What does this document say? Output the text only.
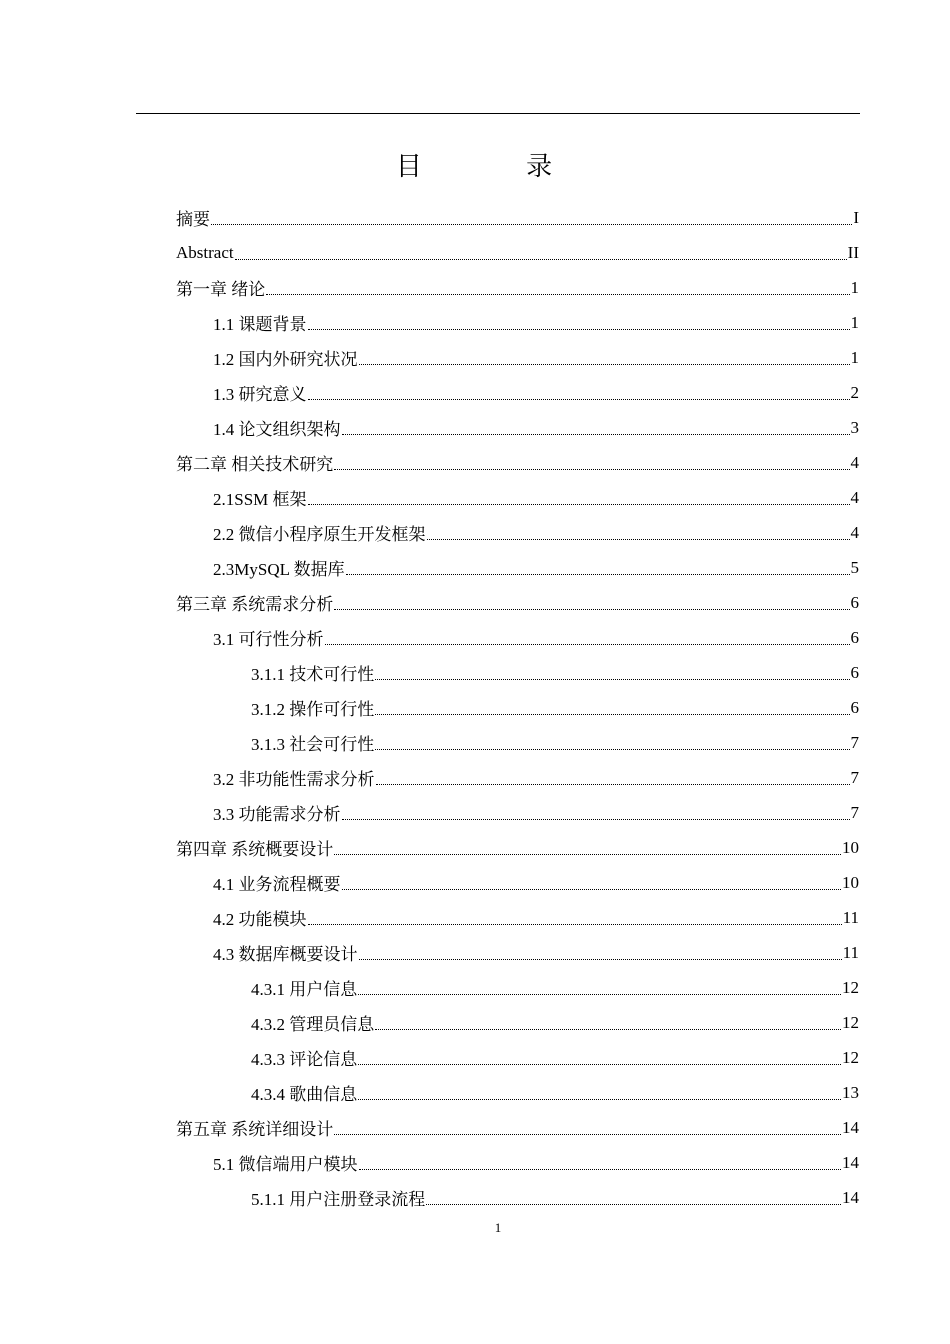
目 录
摘要	I
Abstract	II
第一章 绪论	1
1.1 课题背景	1
1.2 国内外研究状况	1
1.3 研究意义	2
1.4 论文组织架构	3
第二章 相关技术研究	4
2.1SSM 框架	4
2.2 微信小程序原生开发框架	4
2.3MySQL 数据库	5
第三章 系统需求分析	6
3.1 可行性分析	6
3.1.1 技术可行性	6
3.1.2 操作可行性	6
3.1.3 社会可行性	7
3.2 非功能性需求分析	7
3.3 功能需求分析	7
第四章 系统概要设计	10
4.1 业务流程概要	10
4.2 功能模块	11
4.3 数据库概要设计	11
4.3.1 用户信息	12
4.3.2 管理员信息	12
4.3.3 评论信息	12
4.3.4 歌曲信息	13
第五章 系统详细设计	14
5.1 微信端用户模块	14
5.1.1 用户注册登录流程	14
1
